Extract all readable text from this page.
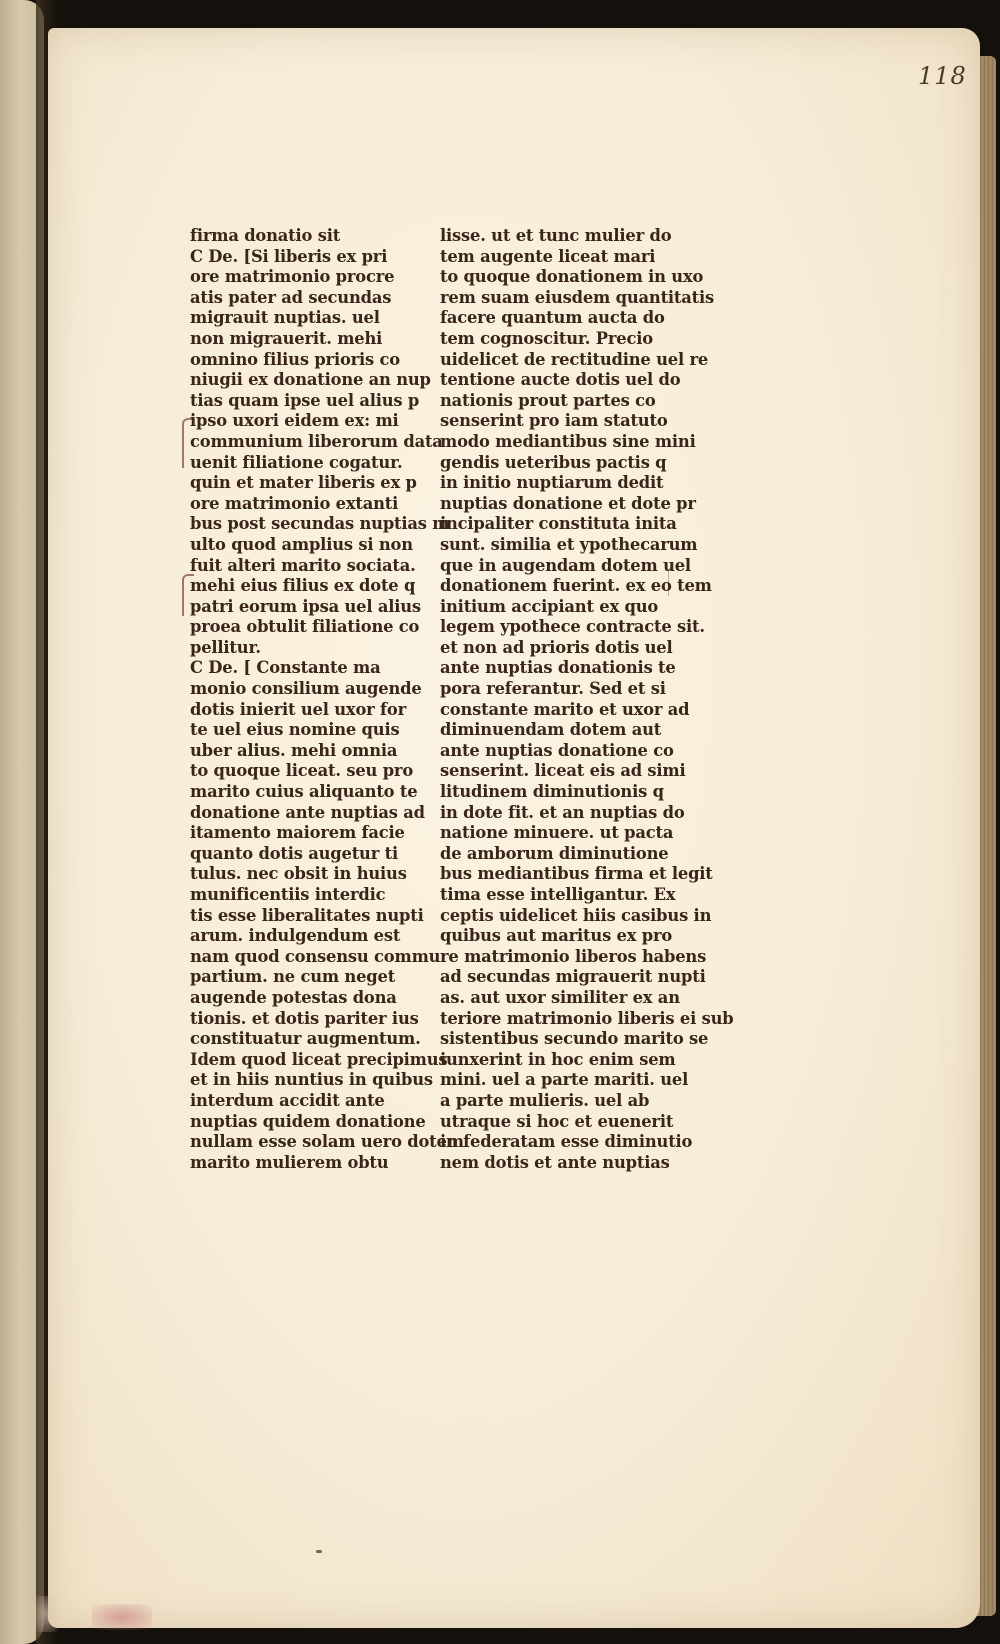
118
firma donatio sit
C De. [Si liberis ex pri
ore matrimonio procre
atis pater ad secundas
migrauit nuptias. uel
non migrauerit. mehi
omnino filius prioris co
niugii ex donatione an nup
tias quam ipse uel alius p
ipso uxori eidem ex: mi
communium liberorum data
uenit filiatione cogatur.
quin et mater liberis ex p
ore matrimonio extanti
bus post secundas nuptias m
ulto quod amplius si non
fuit alteri marito sociata.
mehi eius filius ex dote q
patri eorum ipsa uel alius
proea obtulit filiatione co
pellitur.
C De. [ Constante ma
monio consilium augende
dotis inierit uel uxor for
te uel eius nomine quis
uber alius. mehi omnia
to quoque liceat. seu pro
marito cuius aliquanto te
donatione ante nuptias ad
itamento maiorem facie
quanto dotis augetur ti
tulus. nec obsit in huius
munificentiis interdic
tis esse liberalitates nupti
arum. indulgendum est
nam quod consensu commu
partium. ne cum neget
augende potestas dona
tionis. et dotis pariter ius
constituatur augmentum.
Idem quod liceat precipimus
et in hiis nuntius in quibus
interdum accidit ante
nuptias quidem donatione
nullam esse solam uero dotem
marito mulierem obtu
lisse. ut et tunc mulier do
tem augente liceat mari
to quoque donationem in uxo
rem suam eiusdem quantitatis
facere quantum aucta do
tem cognoscitur. Precio
uidelicet de rectitudine uel re
tentione aucte dotis uel do
nationis prout partes co
senserint pro iam statuto
modo mediantibus sine mini
gendis ueteribus pactis q
in initio nuptiarum dedit
nuptias donatione et dote pr
incipaliter constituta inita
sunt. similia et ypothecarum
que in augendam dotem uel
donationem fuerint. ex eo tem
initium accipiant ex quo
legem ypothece contracte sit.
et non ad prioris dotis uel
ante nuptias donationis te
pora referantur. Sed et si
constante marito et uxor ad
diminuendam dotem aut
ante nuptias donatione co
senserint. liceat eis ad simi
litudinem diminutionis q
in dote fit. et an nuptias do
natione minuere. ut pacta
de amborum diminutione
bus mediantibus firma et legit
tima esse intelligantur. Ex
ceptis uidelicet hiis casibus in
quibus aut maritus ex pro
re matrimonio liberos habens
ad secundas migrauerit nupti
as. aut uxor similiter ex an
teriore matrimonio liberis ei sub
sistentibus secundo marito se
iunxerint in hoc enim sem
mini. uel a parte mariti. uel
a parte mulieris. uel ab
utraque si hoc et euenerit
in federatam esse diminutio
nem dotis et ante nuptias
